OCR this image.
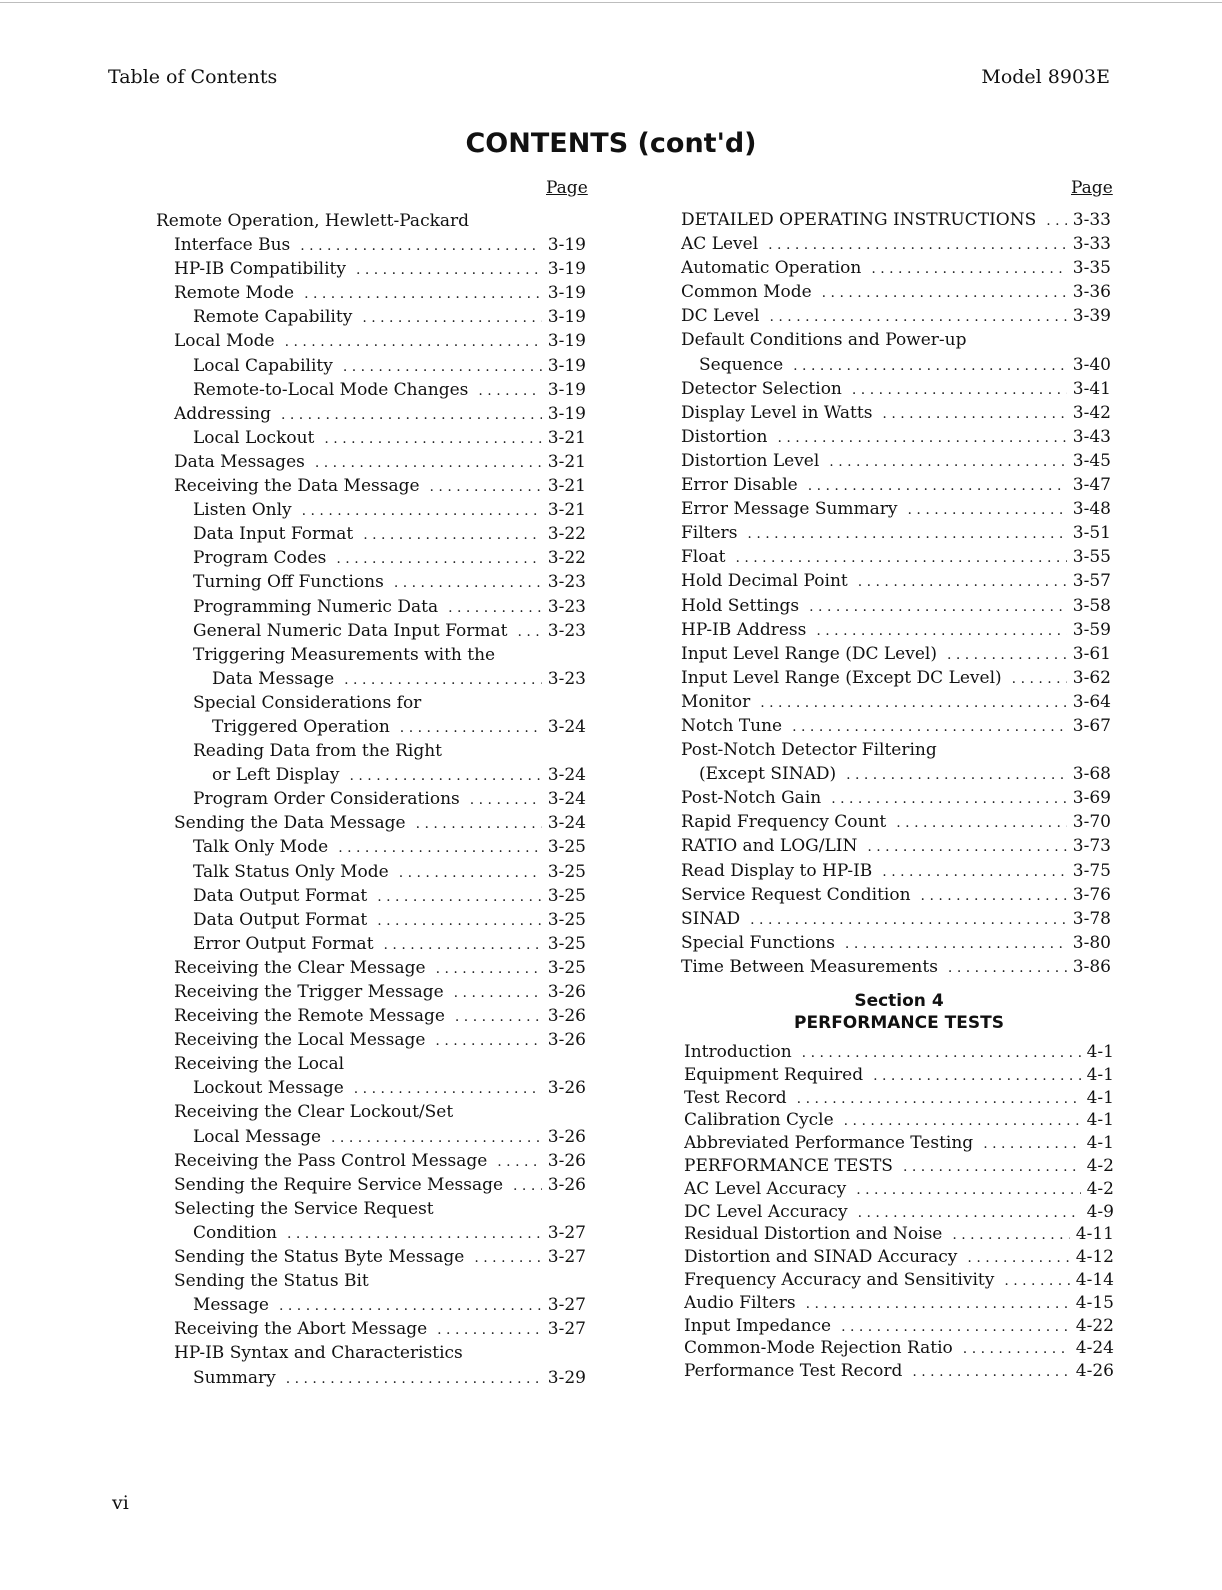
Table of Contents	Model 8903E
CONTENTS (cont'd)
Page	Page
Remote Operation, Hewlett-Packard
Interface Bus . . .	3-19
HP-IB Compatibility . . .	3-19
Remote Mode . . .	3-19
Remote Capability . . .	3-19
Local Mode . . .	3-19
Local Capability . . .	3-19
Remote-to-Local Mode Changes . . .	3-19
Addressing . . .	3-19
Local Lockout . . .	3-21
Data Messages . . .	3-21
Receiving the Data Message . . .	3-21
Listen Only . . .	3-21
Data Input Format . . .	3-22
Program Codes . . .	3-22
Turning Off Functions . . .	3-23
Programming Numeric Data . . .	3-23
General Numeric Data Input Format . . . 3-23
Triggering Measurements with the
Data Message . . .	3-23
Special Considerations for
Triggered Operation . . .	3-24
Reading Data from the Right
or Left Display . . .	3-24
Program Order Considerations . . .	3-24
Sending the Data Message . . .	3-24
Talk Only Mode . . .	3-25
Talk Status Only Mode . . .	3-25
Data Output Format . . .	3-25
Data Output Format . . .	3-25
Error Output Format . . .	3-25
Receiving the Clear Message . . .	3-25
Receiving the Trigger Message . . .	3-26
Receiving the Remote Message . . .	3-26
Receiving the Local Message . . .	3-26
Receiving the Local
Lockout Message . . .	3-26
Receiving the Clear Lockout/Set
Local Message . . .	3-26
Receiving the Pass Control Message . . .	3-26
Sending the Require Service Message . . .	3-26
Selecting the Service Request
Condition . . .	3-27
Sending the Status Byte Message . . .	3-27
Sending the Status Bit
Message . . .	3-27
Receiving the Abort Message . . .	3-27
HP-IB Syntax and Characteristics
Summary . . .	3-29
DETAILED OPERATING INSTRUCTIONS . . . 3-33
AC Level . . .	3-33
Automatic Operation . . .	3-35
Common Mode . . .	3-36
DC Level . . .	3-39
Default Conditions and Power-up
Sequence . . .	3-40
Detector Selection . . .	3-41
Display Level in Watts . . .	3-42
Distortion . . .	3-43
Distortion Level . . .	3-45
Error Disable . . .	3-47
Error Message Summary . . .	3-48
Filters . . .	3-51
Float . . .	3-55
Hold Decimal Point . . .	3-57
Hold Settings . . .	3-58
HP-IB Address . . .	3-59
Input Level Range (DC Level) . . .	3-61
Input Level Range (Except DC Level) . . .	3-62
Monitor . . .	3-64
Notch Tune . . .	3-67
Post-Notch Detector Filtering
(Except SINAD) . . .	3-68
Post-Notch Gain . . .	3-69
Rapid Frequency Count . . .	3-70
RATIO and LOG/LIN . . .	3-73
Read Display to HP-IB . . .	3-75
Service Request Condition . . .	3-76
SINAD . . .	3-78
Special Functions . . .	3-80
Time Between Measurements . . .	3-86
Section 4
PERFORMANCE TESTS
Introduction . . .	4-1
Equipment Required . . .	4-1
Test Record . . .	4-1
Calibration Cycle . . .	4-1
Abbreviated Performance Testing . . .	4-1
PERFORMANCE TESTS . . .	4-2
AC Level Accuracy . . .	4-2
DC Level Accuracy . . .	4-9
Residual Distortion and Noise . . .	4-11
Distortion and SINAD Accuracy . . .	4-12
Frequency Accuracy and Sensitivity . . .	4-14
Audio Filters . . .	4-15
Input Impedance . . .	4-22
Common-Mode Rejection Ratio . . .	4-24
Performance Test Record . . .	4-26
vi
